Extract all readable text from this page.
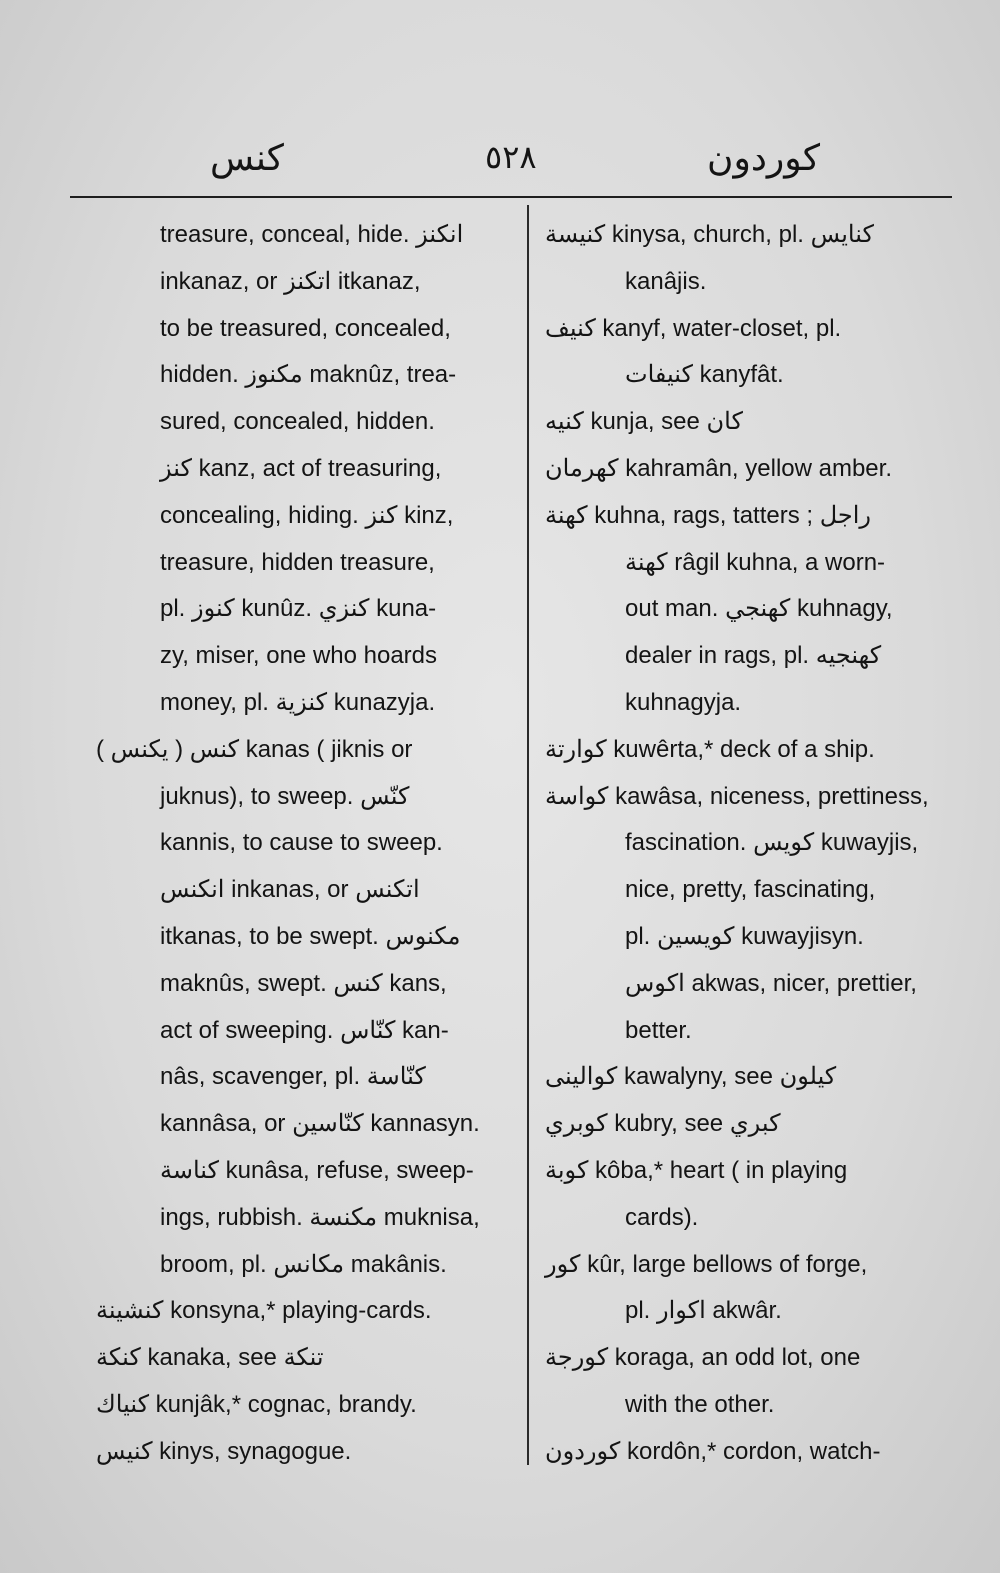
كنس	٥٢٨	كوردون
treasure, conceal, hide. انكنز
inkanaz, or اتكنز itkanaz,
to be treasured, concealed,
hidden. مكنوز maknûz, trea-
sured, concealed, hidden.
كنز kanz, act of treasuring,
concealing, hiding. كنز kinz,
treasure, hidden treasure,
pl. كنوز kunûz. كنزي kuna-
zy, miser, one who hoards
money, pl. كنزية kunazyja.
كنس ( يكنس ) kanas ( jiknis or
juknus), to sweep. كنّس
kannis, to cause to sweep.
انكنس inkanas, or اتكنس
itkanas, to be swept. مكنوس
maknûs, swept. كنس kans,
act of sweeping. كنّاس kan-
nâs, scavenger, pl. كنّاسة
kannâsa, or كنّاسين kannasyn.
كناسة kunâsa, refuse, sweep-
ings, rubbish. مكنسة muknisa,
broom, pl. مكانس makânis.
كنشينة konsyna,* playing-cards.
كنكة kanaka, see تنكة
كنياك kunjâk,* cognac, brandy.
كنيس kinys, synagogue.
كنيسة kinysa, church, pl. كنايس
kanâjis.
كنيف kanyf, water-closet, pl.
كنيفات kanyfât.
كنيه kunja, see كان
كهرمان kahramân, yellow amber.
كهنة kuhna, rags, tatters ; راجل
كهنة râgil kuhna, a worn-
out man. كهنجي kuhnagy,
dealer in rags, pl. كهنجيه
kuhnagyja.
كوارتة kuwêrta,* deck of a ship.
كواسة kawâsa, niceness, prettiness,
fascination. كويس kuwayjis,
nice, pretty, fascinating,
pl. كويسين kuwayjisyn.
اكوس akwas, nicer, prettier,
better.
كوالينى kawalyny, see كيلون
كوبري kubry, see كبري
كوبة kôba,* heart ( in playing
cards).
كور kûr, large bellows of forge,
pl. اكوار akwâr.
كورجة koraga, an odd lot, one
with the other.
كوردون kordôn,* cordon, watch-
